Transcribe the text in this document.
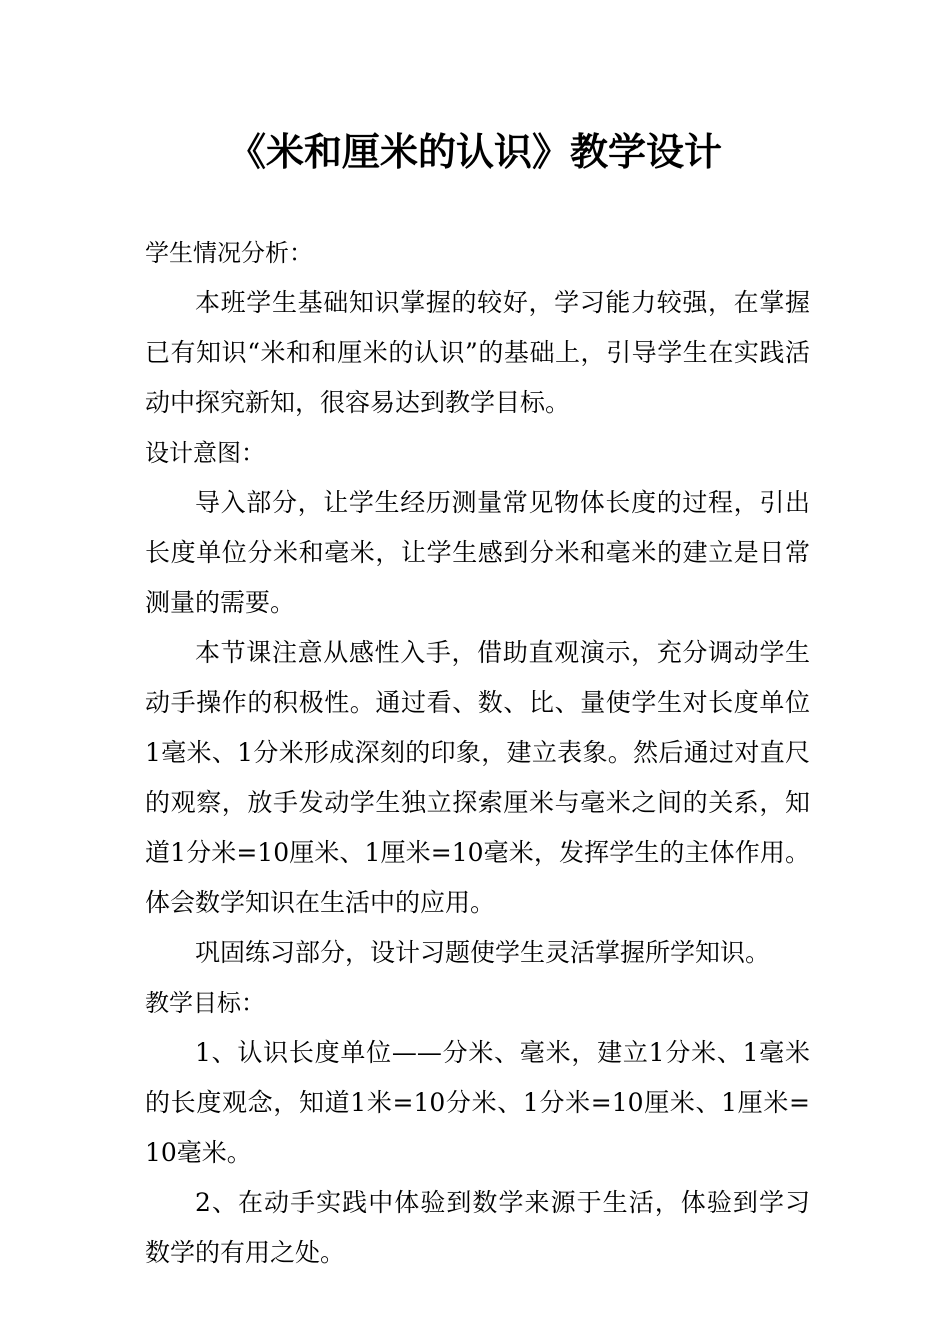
《米和厘米的认识》教学设计

学生情况分析：

本班学生基础知识掌握的较好，学习能力较强，在掌握已有知识“米和和厘米的认识”的基础上，引导学生在实践活动中探究新知，很容易达到教学目标。

设计意图：

导入部分，让学生经历测量常见物体长度的过程，引出长度单位分米和毫米，让学生感到分米和毫米的建立是日常测量的需要。

本节课注意从感性入手，借助直观演示，充分调动学生动手操作的积极性。通过看、数、比、量使学生对长度单位1毫米、1分米形成深刻的印象，建立表象。然后通过对直尺的观察，放手发动学生独立探索厘米与毫米之间的关系，知道1分米=10厘米、1厘米=10毫米，发挥学生的主体作用。体会数学知识在生活中的应用。

巩固练习部分，设计习题使学生灵活掌握所学知识。

教学目标：

1、认识长度单位——分米、毫米，建立1分米、1毫米的长度观念，知道1米=10分米、1分米=10厘米、1厘米=10毫米。

2、在动手实践中体验到数学来源于生活，体验到学习数学的有用之处。
